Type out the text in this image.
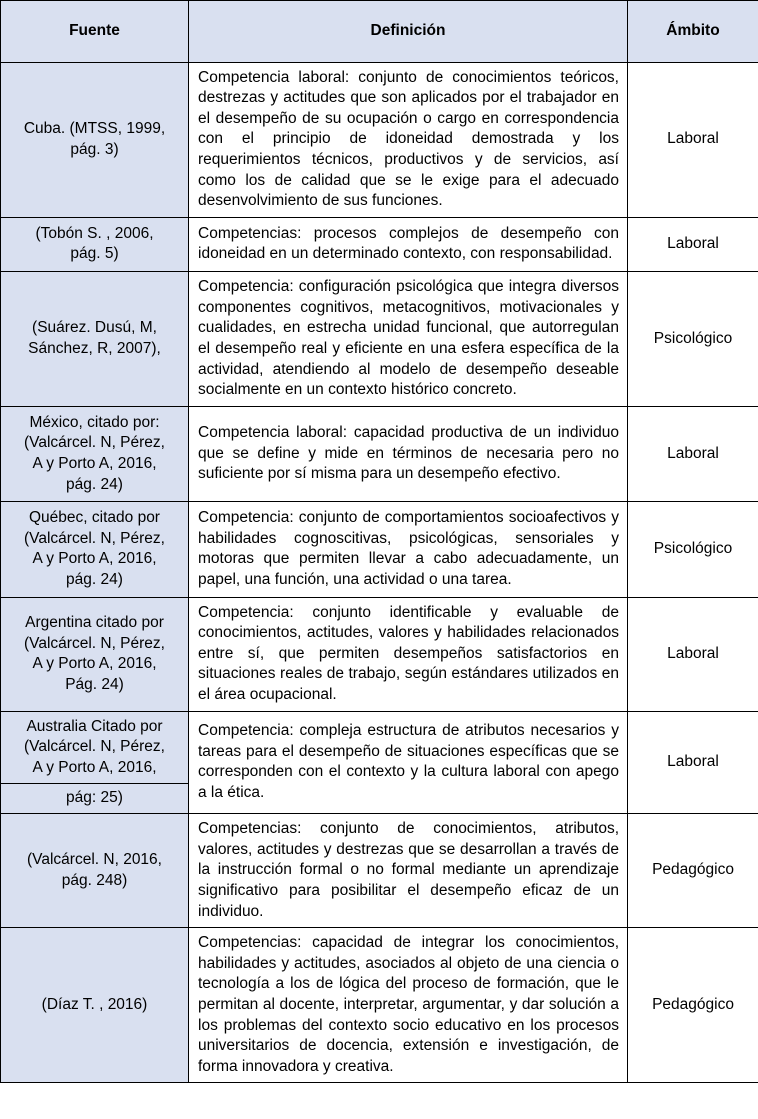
Fuente	Definición	Ámbito

Cuba. (MTSS, 1999,
pág. 3)	Competencia laboral: conjunto de conocimientos teóricos, destrezas y actitudes que son aplicados por el trabajador en el desempeño de su ocupación o cargo en correspondencia con el principio de idoneidad demostrada y los requerimientos técnicos, productivos y de servicios, así como los de calidad que se le exige para el adecuado desenvolvimiento de sus funciones.	Laboral

(Tobón S. , 2006,
pág. 5)	Competencias: procesos complejos de desempeño con idoneidad en un determinado contexto, con responsabilidad.	Laboral

(Suárez. Dusú, M,
Sánchez, R, 2007),	Competencia: configuración psicológica que integra diversos componentes cognitivos, metacognitivos, motivacionales y cualidades, en estrecha unidad funcional, que autorregulan el desempeño real y eficiente en una esfera específica de la actividad, atendiendo al modelo de desempeño deseable socialmente en un contexto histórico concreto.	Psicológico

México, citado por:
(Valcárcel. N, Pérez,
A y Porto A, 2016,
pág. 24)	Competencia laboral: capacidad productiva de un individuo que se define y mide en términos de necesaria pero no suficiente por sí misma para un desempeño efectivo.	Laboral

Québec, citado por
(Valcárcel. N, Pérez,
A y Porto A, 2016,
pág. 24)
	Competencia: conjunto de comportamientos socioafectivos y habilidades cognoscitivas, psicológicas, sensoriales y motoras que permiten llevar a cabo adecuadamente, un papel, una función, una actividad o una tarea.	Psicológico

Argentina citado por
(Valcárcel. N, Pérez,
A y Porto A, 2016,
Pág. 24)
	Competencia: conjunto identificable y evaluable de conocimientos, actitudes, valores y habilidades relacionados entre sí, que permiten desempeños satisfactorios en situaciones reales de trabajo, según estándares utilizados en el área ocupacional.	Laboral

Australia Citado por
(Valcárcel. N, Pérez,
A y Porto A, 2016,
pág: 25)	Competencia: compleja estructura de atributos necesarios y tareas para el desempeño de situaciones específicas que se corresponden con el contexto y la cultura laboral con apego a la ética.	Laboral

(Valcárcel. N, 2016,
pág. 248)	Competencias: conjunto de conocimientos, atributos, valores, actitudes y destrezas que se desarrollan a través de la instrucción formal o no formal mediante un aprendizaje significativo para posibilitar el desempeño eficaz de un individuo.	Pedagógico

(Díaz T. , 2016)	Competencias: capacidad de integrar los conocimientos, habilidades y actitudes, asociados al objeto de una ciencia o tecnología a los de lógica del proceso de formación, que le permitan al docente, interpretar, argumentar, y dar solución a los problemas del contexto socio educativo en los procesos universitarios de docencia, extensión e investigación, de forma innovadora y creativa.	Pedagógico
